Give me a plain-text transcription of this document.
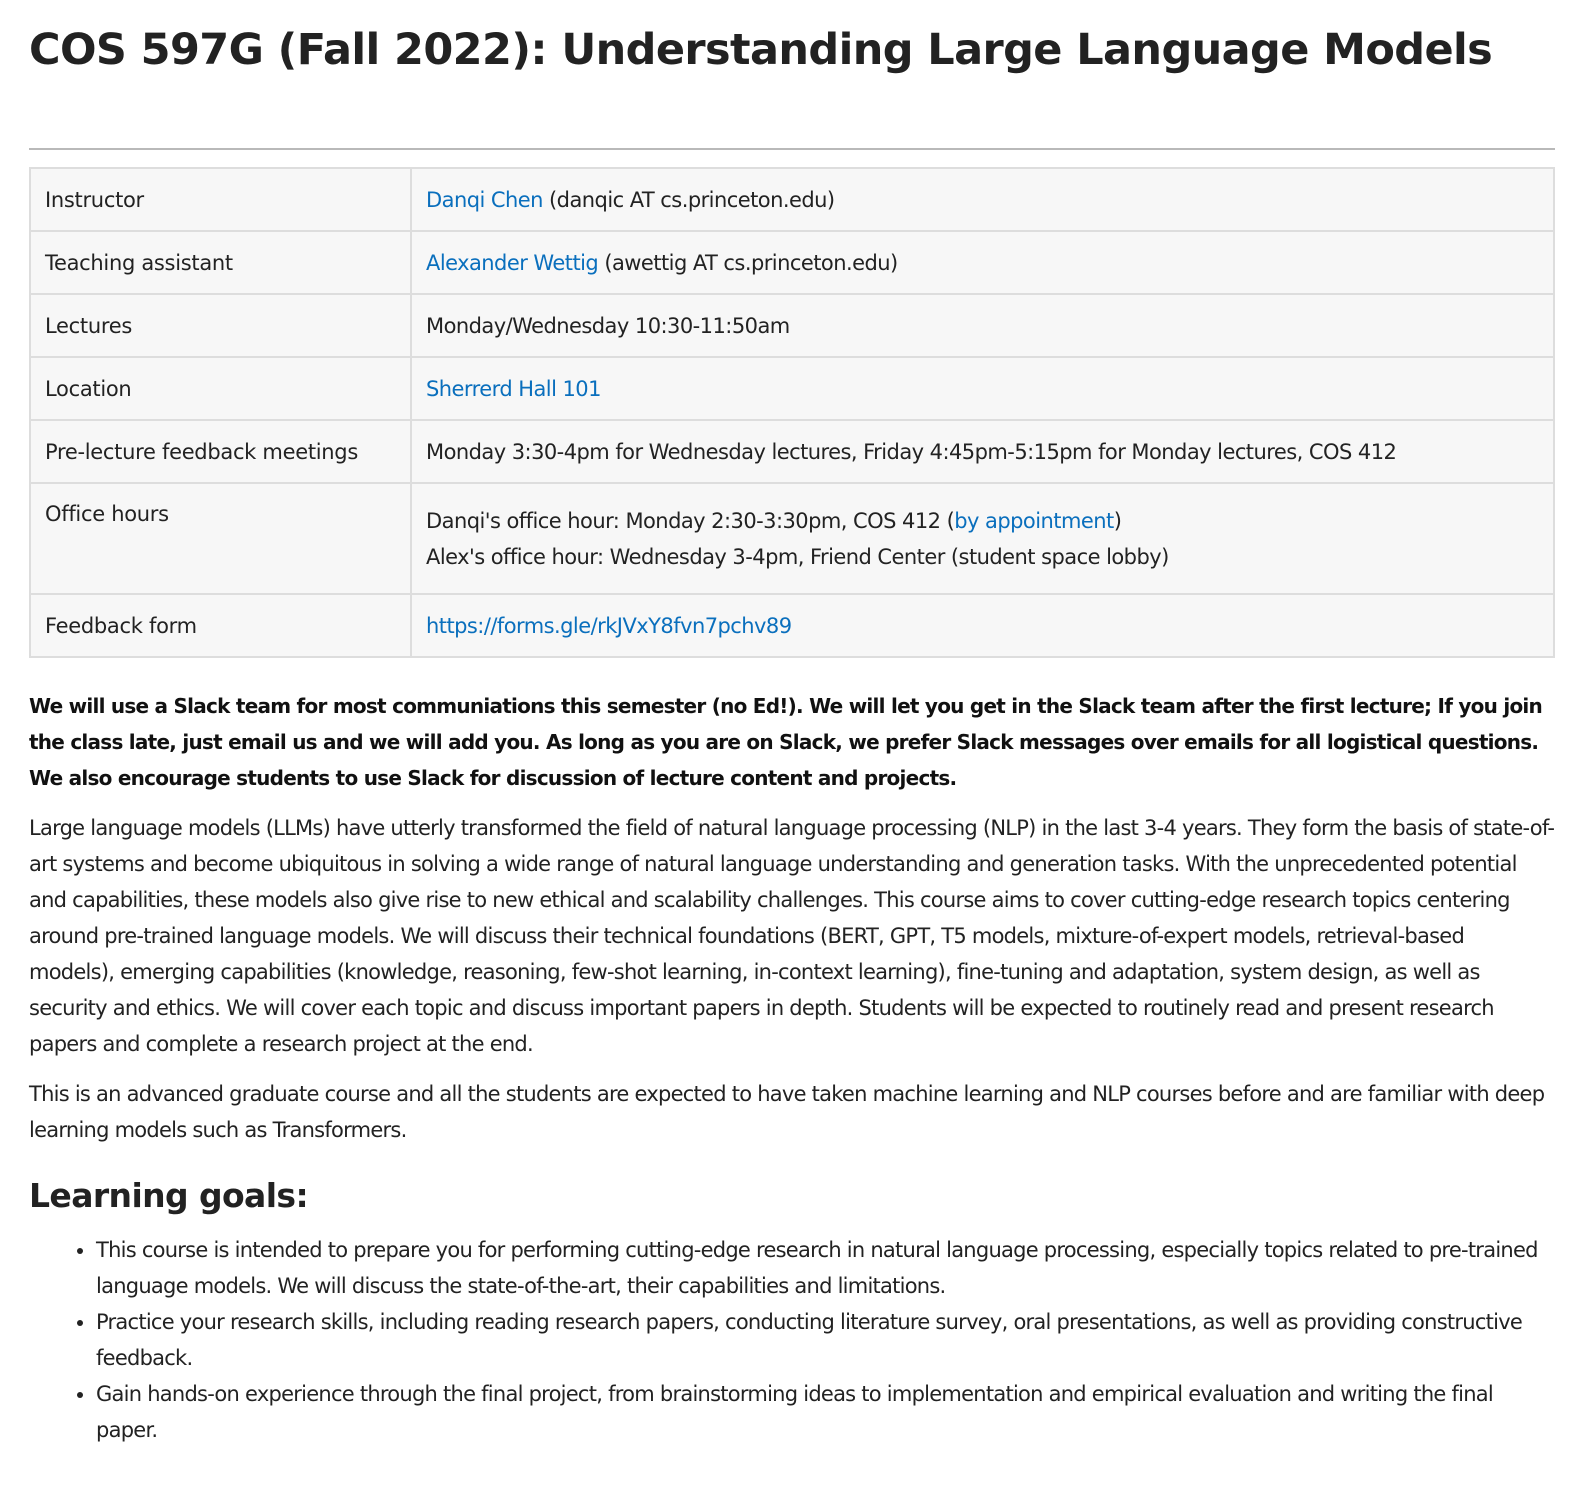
COS 597G (Fall 2022): Understanding Large Language Models
Instructor	Danqi Chen (danqic AT cs.princeton.edu)
Teaching assistant	Alexander Wettig (awettig AT cs.princeton.edu)
Lectures	Monday/Wednesday 10:30-11:50am
Location	Sherrerd Hall 101
Pre-lecture feedback meetings	Monday 3:30-4pm for Wednesday lectures, Friday 4:45pm-5:15pm for Monday lectures, COS 412
Office hours	Danqi's office hour: Monday 2:30-3:30pm, COS 412 (by appointment)
Alex's office hour: Wednesday 3-4pm, Friend Center (student space lobby)

Feedback form	https://forms.gle/rkJVxY8fvn7pchv89
We will use a Slack team for most communiations this semester (no Ed!). We will let you get in the Slack team after the first lecture; If you join the class late, just email us and we will add you. As long as you are on Slack, we prefer Slack messages over emails for all logistical questions. We also encourage students to use Slack for discussion of lecture content and projects.

Large language models (LLMs) have utterly transformed the field of natural language processing (NLP) in the last 3-4 years. They form the basis of state-of-art systems and become ubiquitous in solving a wide range of natural language understanding and generation tasks. With the unprecedented potential and capabilities, these models also give rise to new ethical and scalability challenges. This course aims to cover cutting-edge research topics centering around pre-trained language models. We will discuss their technical foundations (BERT, GPT, T5 models, mixture-of-expert models, retrieval-based models), emerging capabilities (knowledge, reasoning, few-shot learning, in-context learning), fine-tuning and adaptation, system design, as well as security and ethics. We will cover each topic and discuss important papers in depth. Students will be expected to routinely read and present research papers and complete a research project at the end.

This is an advanced graduate course and all the students are expected to have taken machine learning and NLP courses before and are familiar with deep learning models such as Transformers.

Learning goals:
• This course is intended to prepare you for performing cutting-edge research in natural language processing, especially topics related to pre-trained language models. We will discuss the state-of-the-art, their capabilities and limitations.
• Practice your research skills, including reading research papers, conducting literature survey, oral presentations, as well as providing constructive feedback.
• Gain hands-on experience through the final project, from brainstorming ideas to implementation and empirical evaluation and writing the final paper.
